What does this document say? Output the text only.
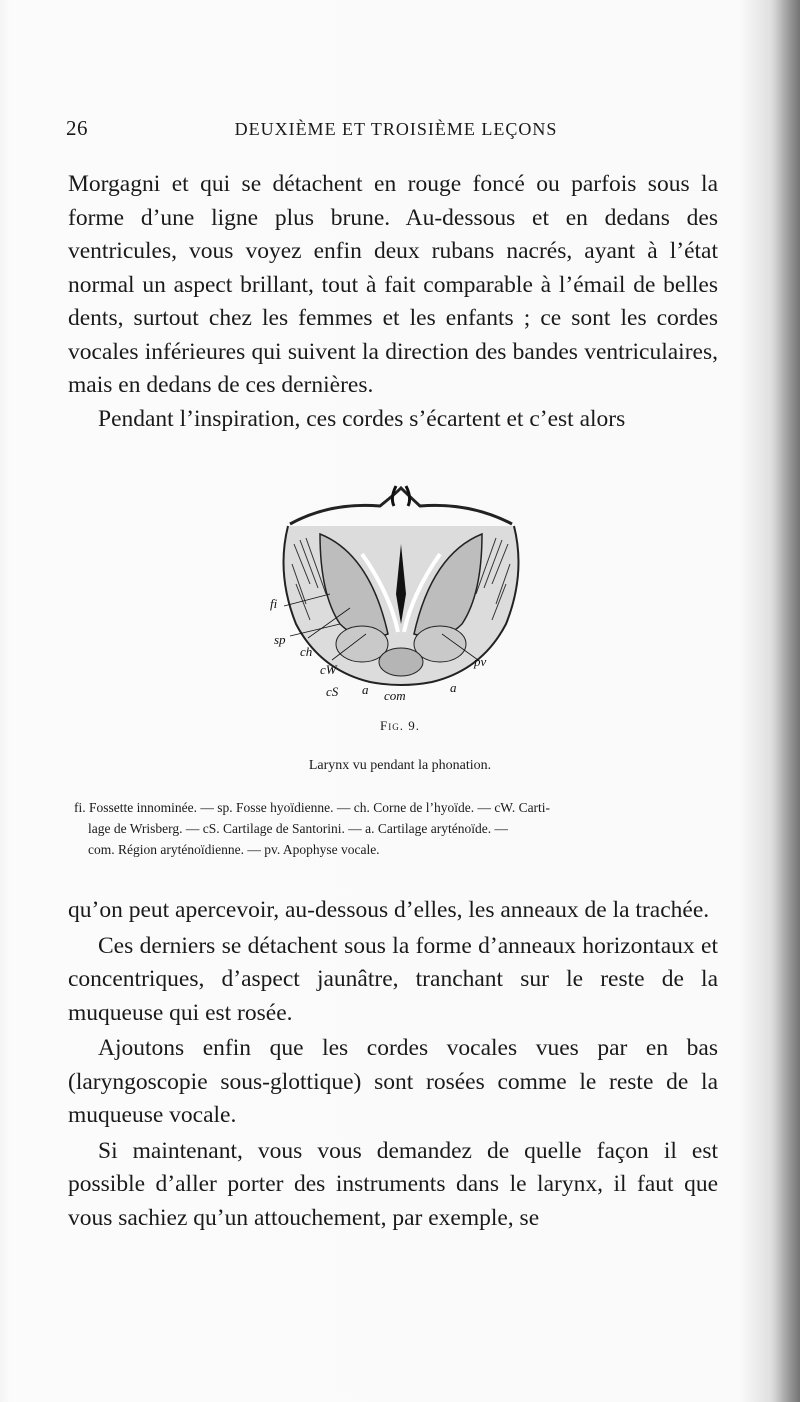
26	DEUXIÈME ET TROISIÈME LEÇONS

Morgagni et qui se détachent en rouge foncé ou parfois sous la forme d’une ligne plus brune. Au-dessous et en dedans des ventricules, vous voyez enfin deux rubans nacrés, ayant à l’état normal un aspect brillant, tout à fait comparable à l’émail de belles dents, surtout chez les femmes et les enfants ; ce sont les cordes vocales inférieures qui suivent la direction des bandes ventriculaires, mais en dedans de ces dernières.

Pendant l’inspiration, ces cordes s’écartent et c’est alors

fi
sp
ch
cW
pv
cS a com
a
Fig. 9.
Larynx vu pendant la phonation.
fi. Fossette innominée. — sp. Fosse hyoïdienne. — ch. Corne de l’hyoïde. — cW. Carti-
lage de Wrisberg. — cS. Cartilage de Santorini. — a. Cartilage aryténoïde. —
com. Région aryténoïdienne. — pv. Apophyse vocale.

qu’on peut apercevoir, au-dessous d’elles, les anneaux de la trachée.

Ces derniers se détachent sous la forme d’anneaux horizontaux et concentriques, d’aspect jaunâtre, tranchant sur le reste de la muqueuse qui est rosée.

Ajoutons enfin que les cordes vocales vues par en bas (laryngoscopie sous-glottique) sont rosées comme le reste de la muqueuse vocale.

Si maintenant, vous vous demandez de quelle façon il est possible d’aller porter des instruments dans le larynx, il faut que vous sachiez qu’un attouchement, par exemple, se
